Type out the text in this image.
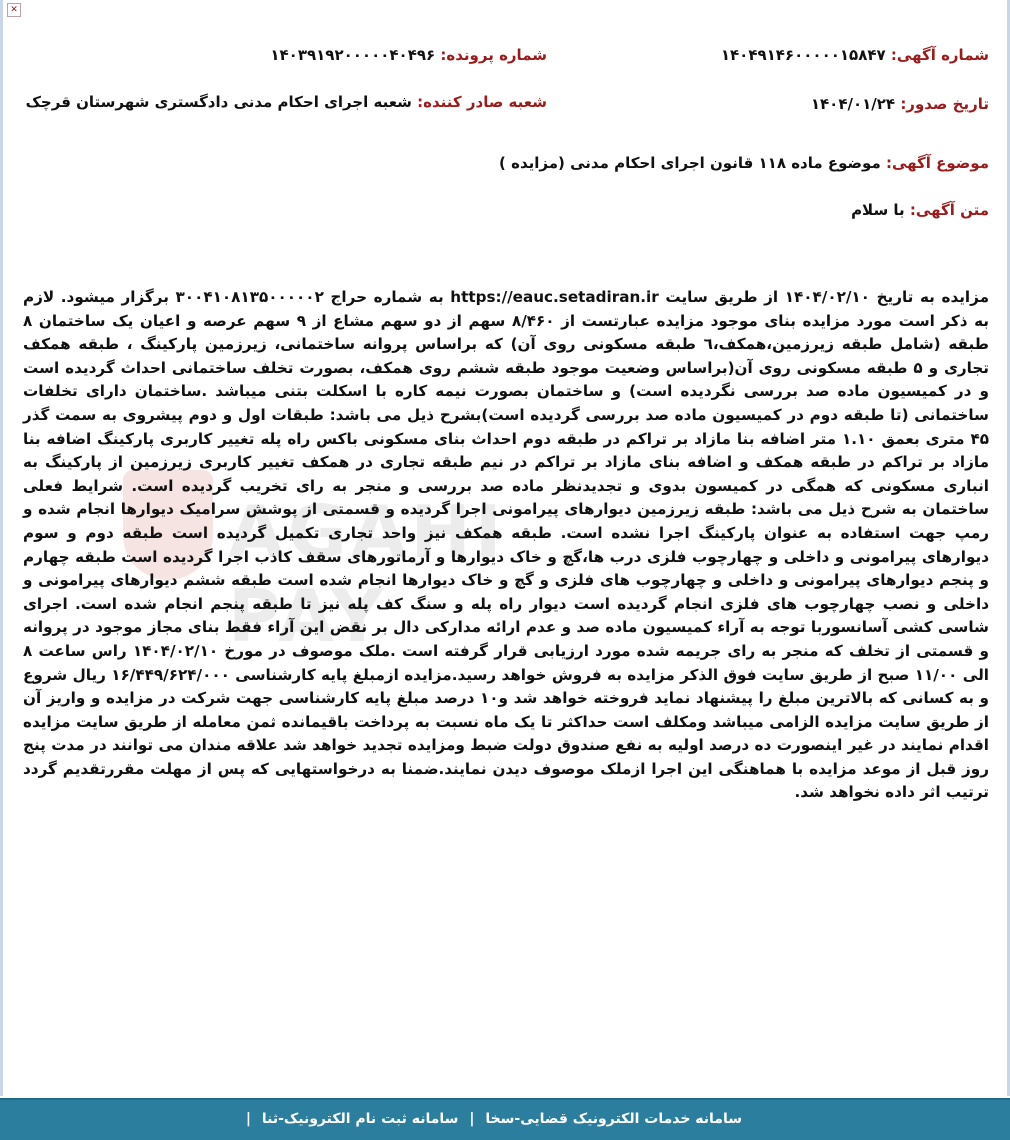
✕
شماره آگهی: ۱۴۰۴۹۱۴۶۰۰۰۰۰۱۵۸۴۷
شماره پرونده: ۱۴۰۳۹۱۹۲۰۰۰۰۰۴۰۴۹۶
تاریخ صدور: ۱۴۰۴/۰۱/۲۴
شعبه صادر کننده: شعبه اجرای احکام مدنی دادگستری شهرستان قرچک
موضوع آگهی: موضوع ماده ۱۱۸ قانون اجرای احکام مدنی (مزایده )
متن آگهی: با سلام
AGAHI PAY
مزایده به تاریخ ۱۴۰۴/۰۲/۱۰ از طریق سایت https://eauc.setadiran.ir به شماره حراج ۳۰۰۴۱۰۸۱۳۵۰۰۰۰۰۲ برگزار میشود. لازم به ذکر است مورد مزایده بنای موجود مزایده عبارتست از ۸/۴۶۰ سهم از دو سهم مشاع از ۹ سهم عرصه و اعیان یک ساختمان ۸ طبقه (شامل طبقه زیرزمین،همکف،٦ طبقه مسکونی روی آن) که براساس پروانه ساختمانی، زیرزمین پارکینگ ، طبقه همکف تجاری و ۵ طبقه مسکونی روی آن(براساس وضعیت موجود طبقه ششم روی همکف، بصورت تخلف ساختمانی احداث گردیده است و در کمیسیون ماده صد بررسی نگردیده است) و ساختمان بصورت نیمه کاره با اسکلت بتنی میباشد .ساختمان دارای تخلفات ساختمانی (تا طبقه دوم در کمیسیون ماده صد بررسی گردیده است)بشرح ذیل می باشد: طبقات اول و دوم پیشروی به سمت گذر ۴۵ متری بعمق ۱.۱۰ متر اضافه بنا مازاد بر تراکم در طبقه دوم احداث بنای مسکونی باکس راه پله تغییر کاربری پارکینگ اضافه بنا مازاد بر تراکم در طبقه همکف و اضافه بنای مازاد بر تراکم در نیم طبقه تجاری در همکف تغییر کاربری زیرزمین از پارکینگ به انباری مسکونی که همگی در کمیسون بدوی و تجدیدنظر ماده صد بررسی و منجر به رای تخریب گردیده است. شرایط فعلی ساختمان به شرح ذیل می باشد: طبقه زیرزمین دیوارهای پیرامونی اجرا گردیده و قسمتی از پوشش سرامیک دیوارها انجام شده و رمپ جهت استفاده به عنوان پارکینگ اجرا نشده است. طبقه همکف نیز واحد تجاری تکمیل گردیده است طبقه دوم و سوم دیوارهای پیرامونی و داخلی و چهارچوب فلزی درب ها،گچ و خاک دیوارها و آرماتورهای سقف کاذب اجرا گردیده است طبقه چهارم و پنجم دیوارهای پیرامونی و داخلی و چهارچوب های فلزی و گچ و خاک دیوارها انجام شده است طبقه ششم دیوارهای پیرامونی و داخلی و نصب چهارچوب های فلزی انجام گردیده است دیوار راه پله و سنگ کف پله نیز تا طبقه پنجم انجام شده است. اجرای شاسی کشی آسانسوربا توجه به آراء کمیسیون ماده صد و عدم ارائه مدارکی دال بر نقض این آراء فقط بنای مجاز موجود در پروانه و قسمتی از تخلف که منجر به رای جریمه شده مورد ارزیابی قرار گرفته است .ملک موصوف در مورخ ۱۴۰۴/۰۲/۱۰ راس ساعت ۸ الی ۱۱/۰۰ صبح از طریق سایت فوق الذکر مزایده به فروش خواهد رسید.مزایده ازمبلغ پایه کارشناسی ۱۶/۴۴۹/۶۲۴/۰۰۰ ریال شروع و به کسانی که بالاترین مبلغ را پیشنهاد نماید فروخته خواهد شد و۱۰ درصد مبلغ پایه کارشناسی جهت شرکت در مزایده و واریز آن از طریق سایت مزایده الزامی میباشد ومکلف است حداکثر تا یک ماه نسبت به پرداخت باقیمانده ثمن معامله از طریق سایت مزایده اقدام نمایند در غیر اینصورت ده درصد اولیه به نفع صندوق دولت ضبط ومزایده تجدید خواهد شد علاقه مندان می توانند در مدت پنج روز قبل از موعد مزایده با هماهنگی این اجرا ازملک موصوف دیدن نمایند.ضمنا به درخواستهایی که پس از مهلت مقررتقدیم گردد ترتیب اثر داده نخواهد شد.
سامانه خدمات الکترونیک قضایی-سخا | سامانه ثبت نام الکترونیک-ثنا |
